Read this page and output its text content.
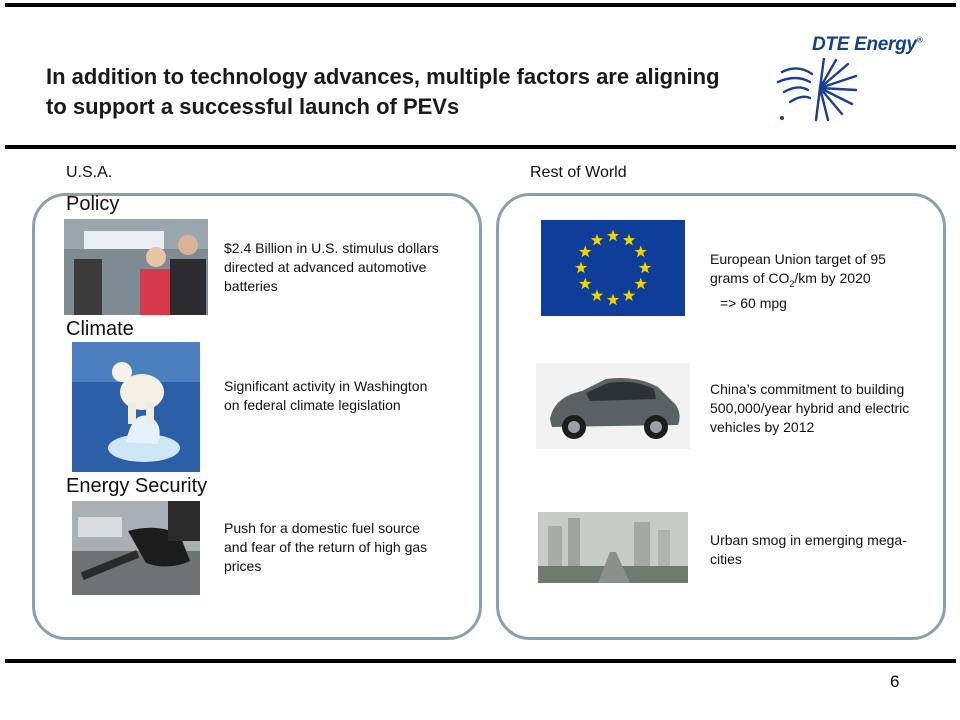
In addition to technology advances, multiple factors are aligning to support a successful launch of PEVs
DTE Energy®
U.S.A.	Rest of World
Policy
$2.4 Billion in U.S. stimulus dollars directed at advanced automotive batteries
Climate
Significant activity in Washington on federal climate legislation
Energy Security
Push for a domestic fuel source and fear of the return of high gas prices
European Union target of 95 grams of $CO_2/km$ by 2020
=> 60 mpg
China’s commitment to building 500,000/year hybrid and electric vehicles by 2012
Urban smog in emerging mega-cities
6
